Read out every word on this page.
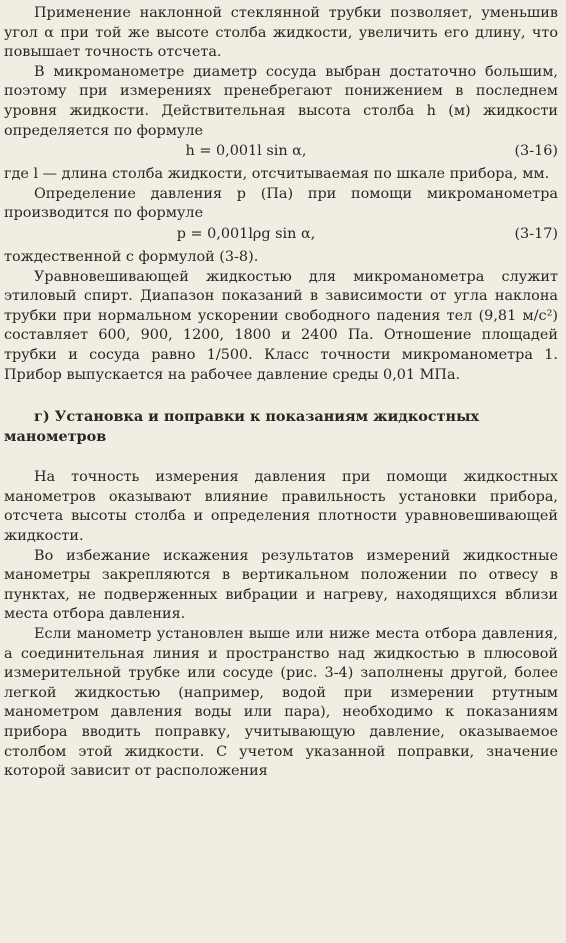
Применение наклонной стеклянной трубки позволяет, уменьшив угол α при той же высоте столба жидкости, увеличить его длину, что повышает точность отсчета.

В микроманометре диаметр сосуда выбран достаточно большим, поэтому при измерениях пренебрегают понижением в последнем уровня жидкости. Действительная высота столба h (м) жидкости определяется по формуле

h = 0,001l sin α,	(3-16)

где l — длина столба жидкости, отсчитываемая по шкале прибора, мм.

Определение давления p (Па) при помощи микроманометра производится по формуле

p = 0,001lρg sin α,	(3-17)

тождественной с формулой (3-8).

Уравновешивающей жидкостью для микроманометра служит этиловый спирт. Диапазон показаний в зависимости от угла наклона трубки при нормальном ускорении свободного падения тел (9,81 м/с²) составляет 600, 900, 1200, 1800 и 2400 Па. Отношение площадей трубки и сосуда равно 1/500. Класс точности микроманометра 1. Прибор выпускается на рабочее давление среды 0,01 МПа.

г) Установка и поправки к показаниям жидкостных манометров

На точность измерения давления при помощи жидкостных манометров оказывают влияние правильность установки прибора, отсчета высоты столба и определения плотности уравновешивающей жидкости.

Во избежание искажения результатов измерений жидкостные манометры закрепляются в вертикальном положении по отвесу в пунктах, не подверженных вибрации и нагреву, находящихся вблизи места отбора давления.

Если манометр установлен выше или ниже места отбора давления, а соединительная линия и пространство над жидкостью в плюсовой измерительной трубке или сосуде (рис. 3-4) заполнены другой, более легкой жидкостью (например, водой при измерении ртутным манометром давления воды или пара), необходимо к показаниям прибора вводить поправку, учитывающую давление, оказываемое столбом этой жидкости. С учетом указанной поправки, значение которой зависит от расположения
